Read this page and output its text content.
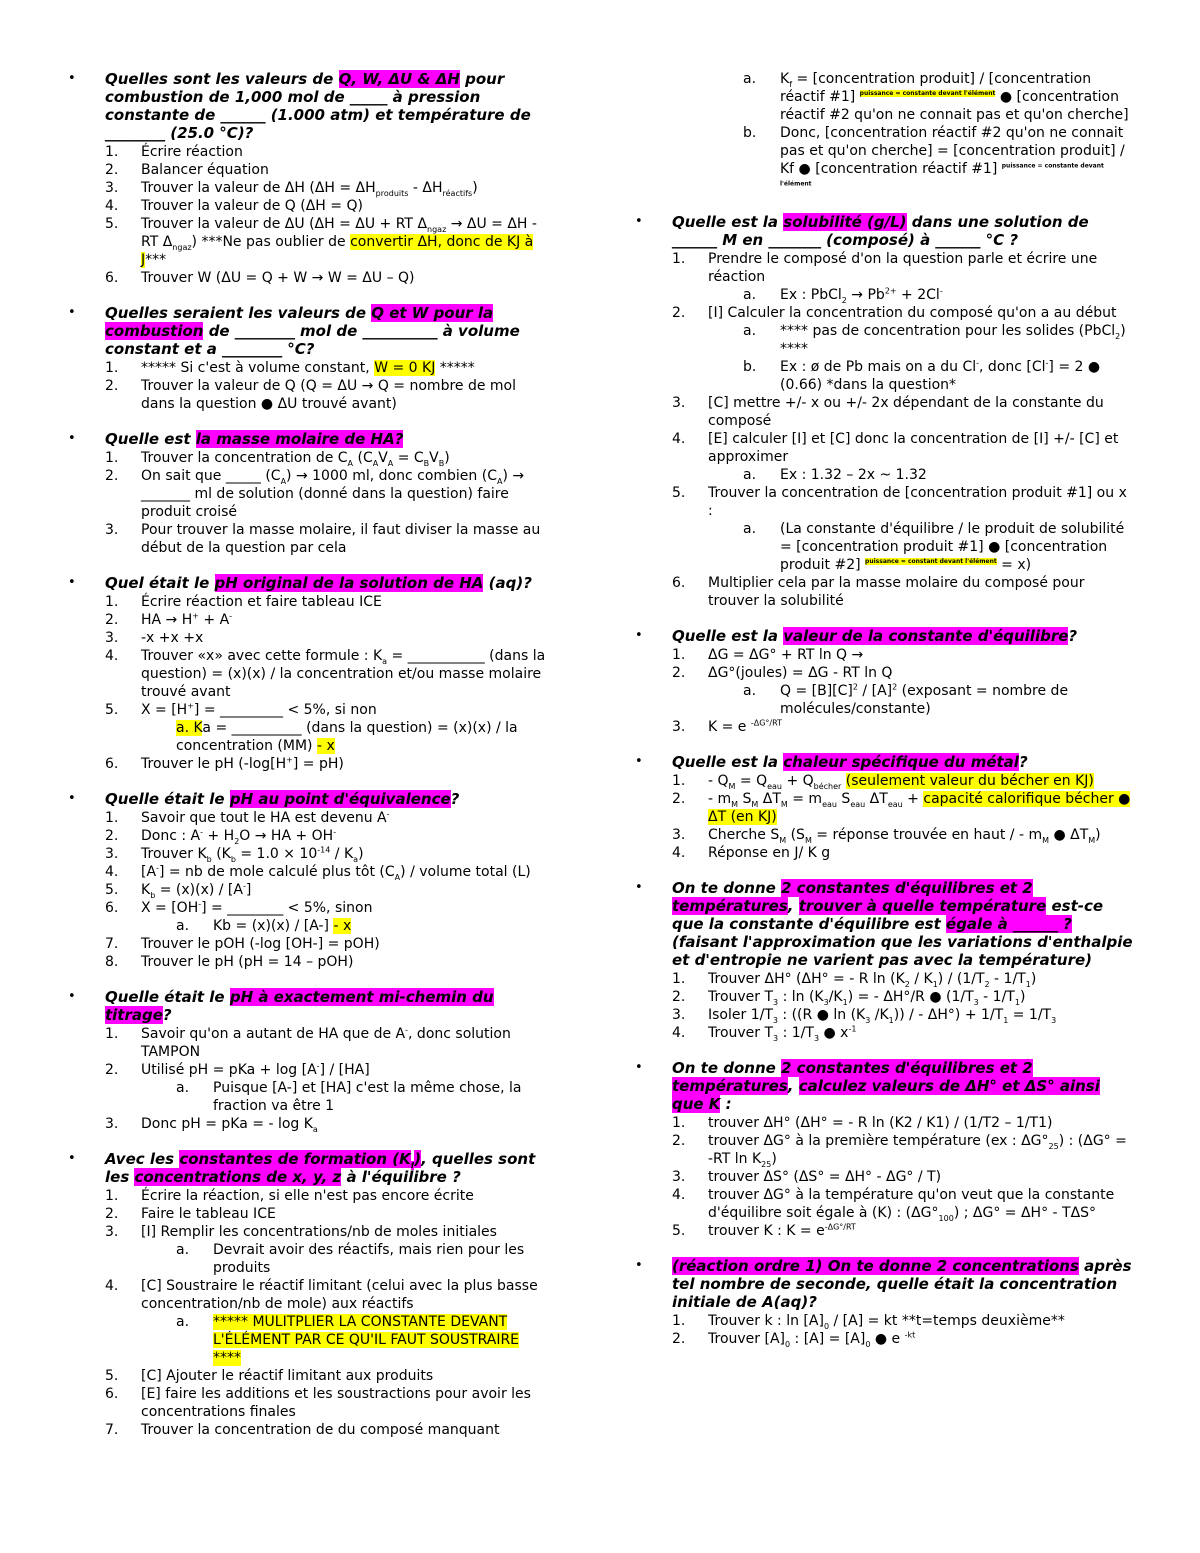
• Quelles sont les valeurs de Q, W, ΔU & ΔH pour combustion de 1,000 mol de _____ à pression constante de ______ (1.000 atm) et température de ________ (25.0 °C)?
1. Écrire réaction
2. Balancer équation
3. Trouver la valeur de ΔH $(\Delta H = \Delta H_{produits} - \Delta H_{réactifs})$
4. Trouver la valeur de Q (ΔH = Q)
5. Trouver la valeur de ΔU (ΔH = ΔU + RT $\Delta_{ngaz} \to \Delta U = \Delta H$ - RT $\Delta_{ngaz}$) ***Ne pas oublier de convertir ΔH, donc de KJ à J***
6. Trouver W (ΔU = Q + W → W = ΔU – Q)
• Quelles seraient les valeurs de Q et W pour la combustion de ________ mol de __________ à volume constant et a ________ °C?
1. ***** Si c'est à volume constant, W = 0 KJ *****
2. Trouver la valeur de Q (Q = ΔU → Q = nombre de mol dans la question ● ΔU trouvé avant)
• Quelle est la masse molaire de HA?
1. Trouver la concentration de $C_A$ $(C_AV_A = C_BV_B)$
2. On sait que _____ $(C_A) \to 1000$ ml, donc combien $(C_A)$ → _______ ml de solution (donné dans la question) faire produit croisé
3. Pour trouver la masse molaire, il faut diviser la masse au début de la question par cela
• Quel était le pH original de la solution de HA (aq)?
1. Écrire réaction et faire tableau ICE
2. HA → H+ + A-
3. -x +x +x
4. Trouver «x» avec cette formule : $K_a$ = ___________ (dans la question) = (x)(x) / la concentration et/ou masse molaire trouvé avant
5. X = [H+] = _________ < 5%, si non
a. Ka = __________ (dans la question) = (x)(x) / la concentration (MM) - x
6. Trouver le pH (-log[H+] = pH)
• Quelle était le pH au point d'équivalence?
1. Savoir que tout le HA est devenu A-
2. Donc : $A^- + H_2O$ → HA + OH-
3. Trouver $K_b$ $(K_b = 1.0 \times 10^{-14} / K_a)$
4. [A-] = nb de mole calculé plus tôt $(C_A)$ / volume total (L)
5. $K_b = (x)(x) / [A^-]$
6. X = [OH-] = ________ < 5%, sinon
a. Kb = (x)(x) / [A-] - x
7. Trouver le pOH (-log [OH-] = pOH)
8. Trouver le pH (pH = 14 – pOH)
• Quelle était le pH à exactement mi-chemin du titrage?
1. Savoir qu'on a autant de HA que de A-, donc solution TAMPON
2. Utilisé pH = pKa + log [A-] / [HA]
a. Puisque [A-] et [HA] c'est la même chose, la fraction va être 1
3. Donc pH = pKa = - $\log K_a$
• Avec les constantes de formation $(K_f)$, quelles sont les concentrations de x, y, z à l'équilibre ?
1. Écrire la réaction, si elle n'est pas encore écrite
2. Faire le tableau ICE
3. [I] Remplir les concentrations/nb de moles initiales
a. Devrait avoir des réactifs, mais rien pour les produits
4. [C] Soustraire le réactif limitant (celui avec la plus basse concentration/nb de mole) aux réactifs
a. ***** MULITPLIER LA CONSTANTE DEVANT L'ÉLÉMENT PAR CE QU'IL FAUT SOUSTRAIRE ****
5. [C] Ajouter le réactif limitant aux produits
6. [E] faire les additions et les soustractions pour avoir les concentrations finales
7. Trouver la concentration de du composé manquant
a. $K_f$ = [concentration produit] / [concentration réactif #1] $^{puissance = constante devant l'élément}$ ● [concentration réactif #2 qu'on ne connait pas et qu'on cherche]
b. Donc, [concentration réactif #2 qu'on ne connait pas et qu'on cherche] = [concentration produit] / Kf ● [concentration réactif #1] $^{puissance = constante devant l'élément}$
• Quelle est la solubilité (g/L) dans une solution de ______ M en _______ (composé) à ______ °C ?
1. Prendre le composé d'on la question parle et écrire une réaction
a. Ex : PbCl$_2$ → $Pb^{2+} + 2Cl^-$
2. [I] Calculer la concentration du composé qu'on a au début
a. **** pas de concentration pour les solides (PbCl$_2$) ****
b. Ex : ø de Pb mais on a du Cl-, donc [Cl-] = 2 ● (0.66) *dans la question*
3. [C] mettre +/- x ou +/- 2x dépendant de la constante du composé
4. [E] calculer [I] et [C] donc la concentration de [I] +/- [C] et approximer
a. Ex : 1.32 – 2x ~ 1.32
5. Trouver la concentration de [concentration produit #1] ou x :
a. (La constante d'équilibre / le produit de solubilité = [concentration produit #1] ● [concentration produit #2] $^{puissance = constant devant l'élément}$ = x)
6. Multiplier cela par la masse molaire du composé pour trouver la solubilité
• Quelle est la valeur de la constante d'équilibre?
1. ΔG = ΔG° + RT ln Q →
2. ΔG°(joules) = ΔG - RT ln Q
a. $Q = [B][C]^2 / [A]^2$ (exposant = nombre de molécules/constante)
3. K = e $^{-\Delta G^\circ/RT}$
• Quelle est la chaleur spécifique du métal?
1. - $Q_M = Q_{eau} + Q_{bécher}$ (seulement valeur du bécher en KJ)
2. - $m_M$ $S_M$ $\Delta T_M = m_{eau}$ $S_{eau}$ $\Delta T_{eau}$ + capacité calorifique bécher ● ΔT (en KJ)
3. Cherche $S_M$ ($S_M$ = réponse trouvée en haut / - $m_M$ ● $\Delta T_M$)
4. Réponse en J/ K g
• On te donne 2 constantes d'équilibres et 2 températures, trouver à quelle température est-ce que la constante d'équilibre est égale à ______ ? (faisant l'approximation que les variations d'enthalpie et d'entropie ne varient pas avec la température)
1. Trouver ΔH° (ΔH° = - R $\ln (K_2 / K_1) / (1/T_2 - 1/T_1)$
2. Trouver $T_3$ : $\ln (K_3/K_1)$ = - ΔH°/R ● $(1/T_3 - 1/T_1)$
3. Isoler $1/T_3$ : ((R ● $\ln (K_3$ $/K_1$)) / - $\Delta H^\circ) + 1/T_1 = 1/T_3$
4. Trouver $T_3$ : $1/T_3$ ● $x^{-1}$
• On te donne 2 constantes d'équilibres et 2 températures, calculez valeurs de ΔH° et ΔS° ainsi que K :
1. trouver ΔH° (ΔH° = - R ln (K2 / K1) / (1/T2 – 1/T1)
2. trouver ΔG° à la première température (ex : $\Delta G^\circ_{25}$) : (ΔG° = -RT $\ln K_{25}$)
3. trouver ΔS° (ΔS° = ΔH° - ΔG° / T)
4. trouver ΔG° à la température qu'on veut que la constante d'équilibre soit égale à (K) : $(\Delta G^\circ_{100})$ ; ΔG° = ΔH° - TΔS°
5. trouver K : $K = e^{-\Delta G^\circ/RT}$
• (réaction ordre 1) On te donne 2 concentrations après tel nombre de seconde, quelle était la concentration initiale de A(aq)?
1. Trouver k : $\ln [A]_0 / [A]$ = kt **t=temps deuxième**
2. Trouver $[A]_0$ : $[A] = [A]_0$ ● e $^{-kt}$
